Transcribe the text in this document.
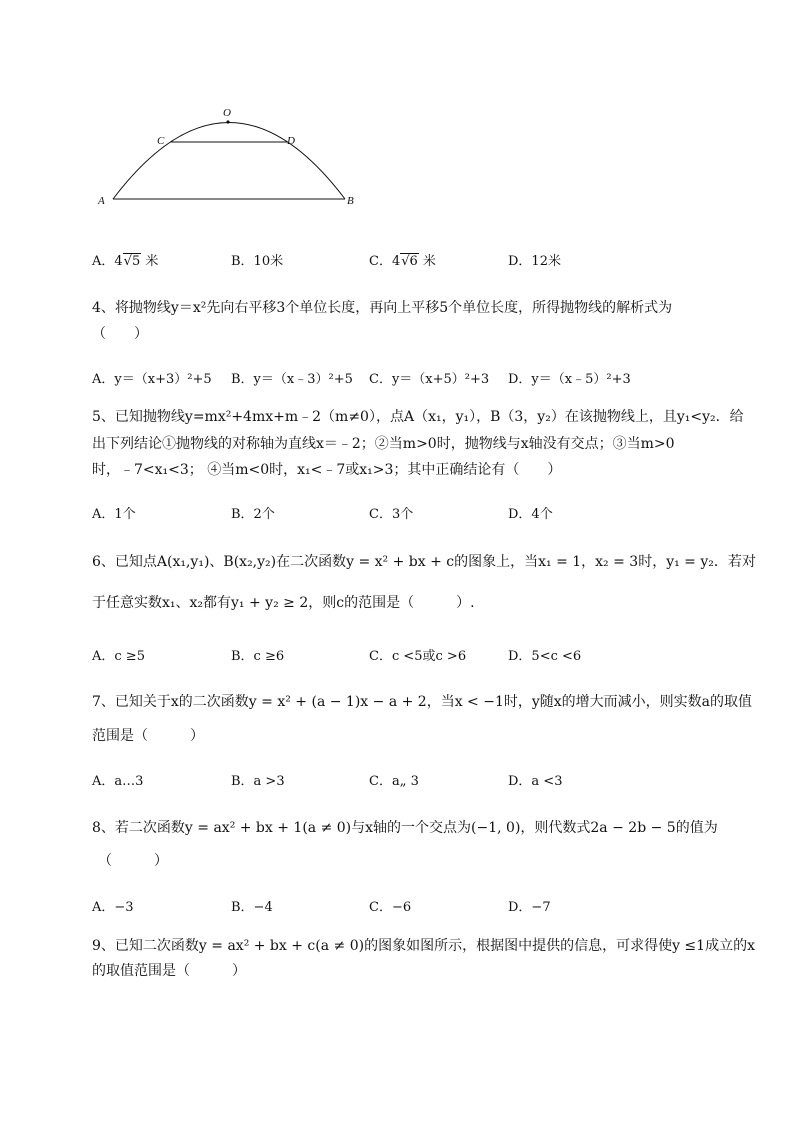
O
C	D
A	B
A．4√5 米	B．10米	C．4√6 米	D．12米
4、将抛物线y＝x²先向右平移3个单位长度，再向上平移5个单位长度，所得抛物线的解析式为
（　　）
A．y＝（x+3）²+5 B．y＝（x﹣3）²+5 C．y＝（x+5）²+3 D．y＝（x﹣5）²+3
5、已知抛物线y=mx²+4mx+m﹣2（m≠0），点A（x₁，y₁），B（3，y₂）在该抛物线上，且y₁<y₂．给
出下列结论①抛物线的对称轴为直线x＝﹣2；②当m>0时，抛物线与x轴没有交点；③当m>0
时，﹣7<x₁<3； ④当m<0时，x₁<﹣7或x₁>3；其中正确结论有（　　）
A．1个	B．2个	C．3个	D．4个
6、已知点A(x₁,y₁)、B(x₂,y₂)在二次函数y = x² + bx + c的图象上，当x₁ = 1，x₂ = 3时，y₁ = y₂．若对
于任意实数x₁、x₂都有y₁ + y₂ ≥ 2，则c的范围是（　　　）.
A．c ≥5	B．c ≥6	C．c <5或c >6	D．5<c <6
7、已知关于x的二次函数y = x² + (a − 1)x − a + 2，当x < −1时，y随x的增大而减小，则实数a的取值
范围是（　　　）
A．a…3	B．a >3	C．a„ 3	D．a <3
8、若二次函数y = ax² + bx + 1(a ≠ 0)与x轴的一个交点为(−1, 0)，则代数式2a − 2b − 5的值为
（　　　）
A．−3	B．−4	C．−6	D．−7
9、已知二次函数y = ax² + bx + c(a ≠ 0)的图象如图所示，根据图中提供的信息，可求得使y ≤1成立的x
的取值范围是（　　　）
